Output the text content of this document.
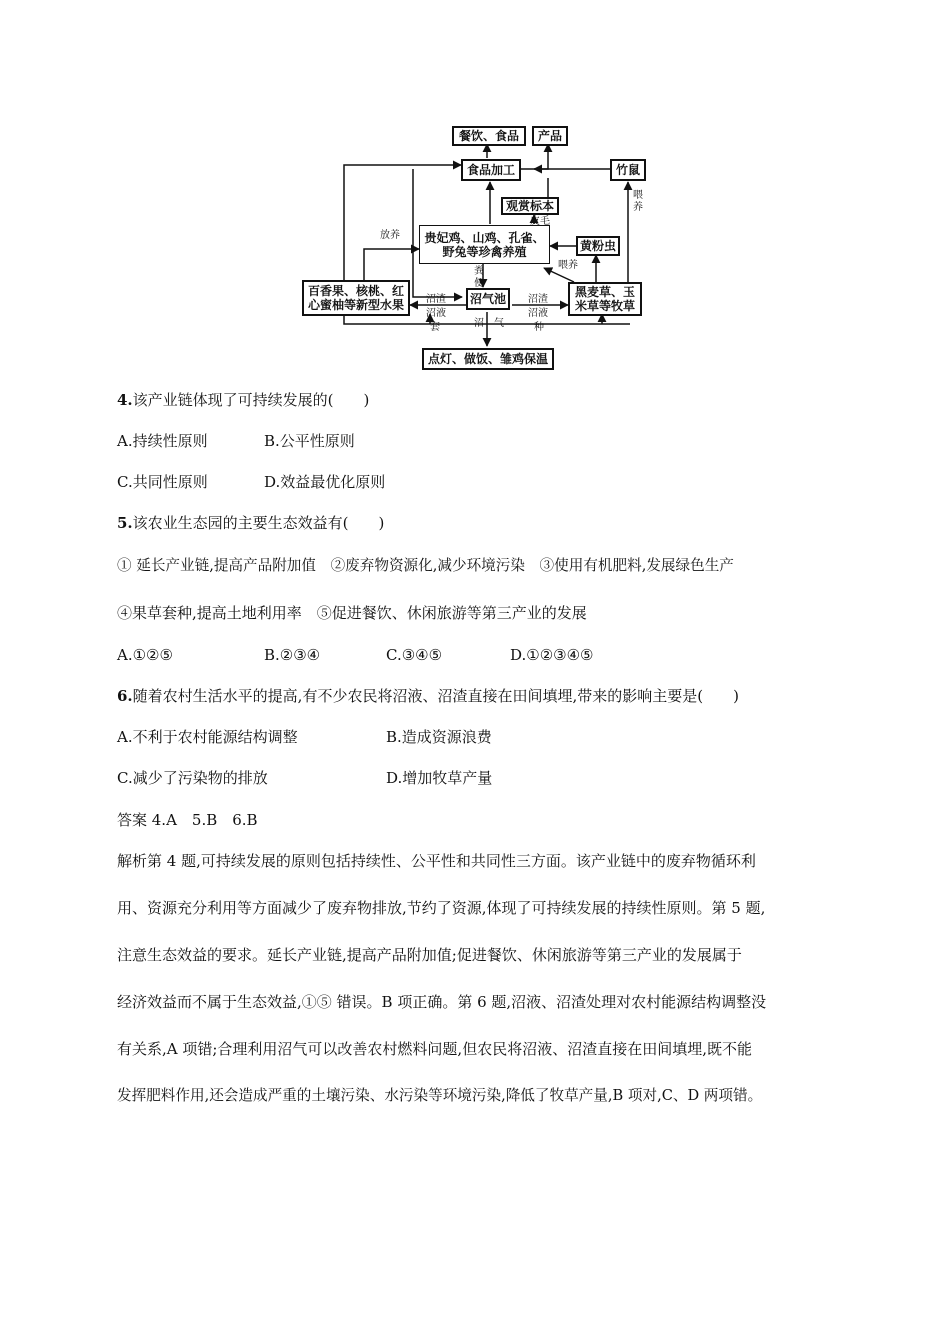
餐饮、食品	产品
食品加工	竹鼠
观赏标本
贵妃鸡、山鸡、孔雀、
野兔等珍禽养殖	黄粉虫
百香果、核桃、红
心蜜柚等新型水果	沼气池	黑麦草、玉
米草等牧草
点灯、做饭、雏鸡保温
放养
皮毛
喂养
粪
便
喂养
沼渣
沼液
套
沼渣
沼液
种
沼　气
4.该产业链体现了可持续发展的(　　)
A.持续性原则	B.公平性原则
C.共同性原则	D.效益最优化原则
5.该农业生态园的主要生态效益有(　　)
① 延长产业链,提高产品附加值　②废弃物资源化,减少环境污染　③使用有机肥料,发展绿色生产
④果草套种,提高土地利用率　⑤促进餐饮、休闲旅游等第三产业的发展
A.①②⑤	B.②③④	C.③④⑤	D.①②③④⑤
6.随着农村生活水平的提高,有不少农民将沼液、沼渣直接在田间填埋,带来的影响主要是(　　)
A.不利于农村能源结构调整	B.造成资源浪费
C.减少了污染物的排放	D.增加牧草产量
答案 4.A　5.B　6.B
解析第 4 题,可持续发展的原则包括持续性、公平性和共同性三方面。该产业链中的废弃物循环利
用、资源充分利用等方面减少了废弃物排放,节约了资源,体现了可持续发展的持续性原则。第 5 题,
注意生态效益的要求。延长产业链,提高产品附加值;促进餐饮、休闲旅游等第三产业的发展属于
经济效益而不属于生态效益,①⑤ 错误。B 项正确。第 6 题,沼液、沼渣处理对农村能源结构调整没
有关系,A 项错;合理利用沼气可以改善农村燃料问题,但农民将沼液、沼渣直接在田间填埋,既不能
发挥肥料作用,还会造成严重的土壤污染、水污染等环境污染,降低了牧草产量,B 项对,C、D 两项错。
